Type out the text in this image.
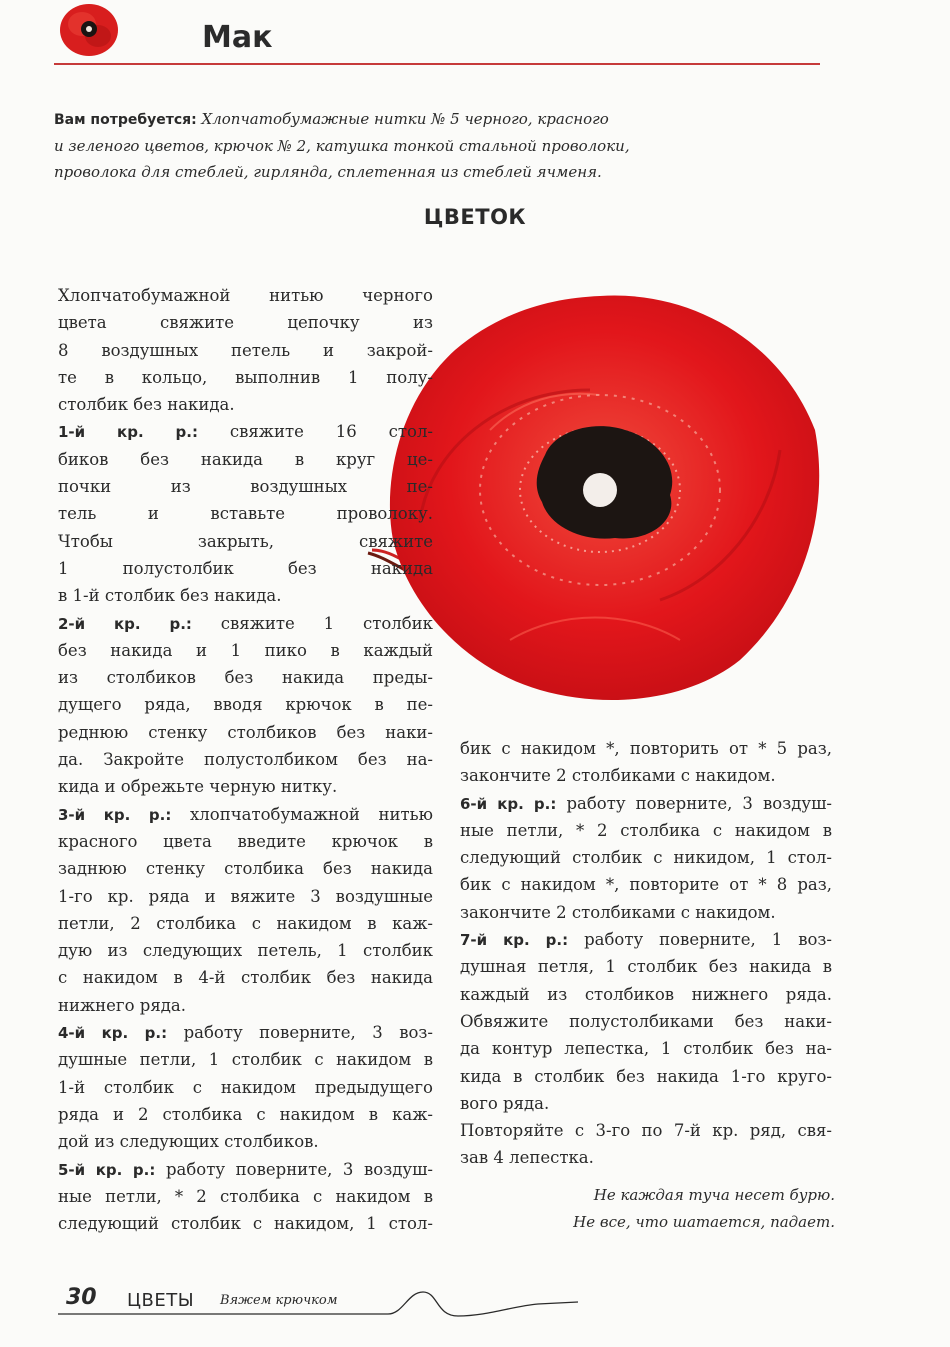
Мак
Вам потребуется: Хлопчатобумажные нитки № 5 черного, красного
и зеленого цветов, крючок № 2, катушка тонкой стальной проволоки,
проволока для стеблей, гирлянда, сплетенная из стеблей ячменя.
ЦВЕТОК
Хлопчатобумажной нитью черного
цвета свяжите цепочку из
8 воздушных петель и закрой-
те в кольцо, выполнив 1 полу-
столбик без накида.
1-й кр. р.: свяжите 16 стол-
биков без накида в круг це-
почки из воздушных пе-
тель и вставьте проволоку.
Чтобы закрыть, свяжите
1 полустолбик без накида
в 1-й столбик без накида.
2-й кр. р.: свяжите 1 столбик
без накида и 1 пико в каждый
из столбиков без накида преды-
дущего ряда, вводя крючок в пе-
реднюю стенку столбиков без наки-
да. Закройте полустолбиком без на-
кида и обрежьте черную нитку.
3-й кр. р.: хлопчатобумажной нитью
красного цвета введите крючок в
заднюю стенку столбика без накида
1-го кр. ряда и вяжите 3 воздушные
петли, 2 столбика с накидом в каж-
дую из следующих петель, 1 столбик
с накидом в 4-й столбик без накида
нижнего ряда.
4-й кр. р.: работу поверните, 3 воз-
душные петли, 1 столбик с накидом в
1-й столбик с накидом предыдущего
ряда и 2 столбика с накидом в каж-
дой из следующих столбиков.
5-й кр. р.: работу поверните, 3 воздуш-
ные петли, * 2 столбика с накидом в
следующий столбик с накидом, 1 стол-
бик с накидом *, повторить от * 5 раз,
закончите 2 столбиками с накидом.
6-й кр. р.: работу поверните, 3 воздуш-
ные петли, * 2 столбика с накидом в
следующий столбик с никидом, 1 стол-
бик с накидом *, повторите от * 8 раз,
закончите 2 столбиками с накидом.
7-й кр. р.: работу поверните, 1 воз-
душная петля, 1 столбик без накида в
каждый из столбиков нижнего ряда.
Обвяжите полустолбиками без наки-
да контур лепестка, 1 столбик без на-
кида в столбик без накида 1-го круго-
вого ряда.
Повторяйте с 3-го по 7-й кр. ряд, свя-
зав 4 лепестка.
Не каждая туча несет бурю.
Не все, что шатается, падает.
30 ЦВЕТЫ Вяжем крючком
